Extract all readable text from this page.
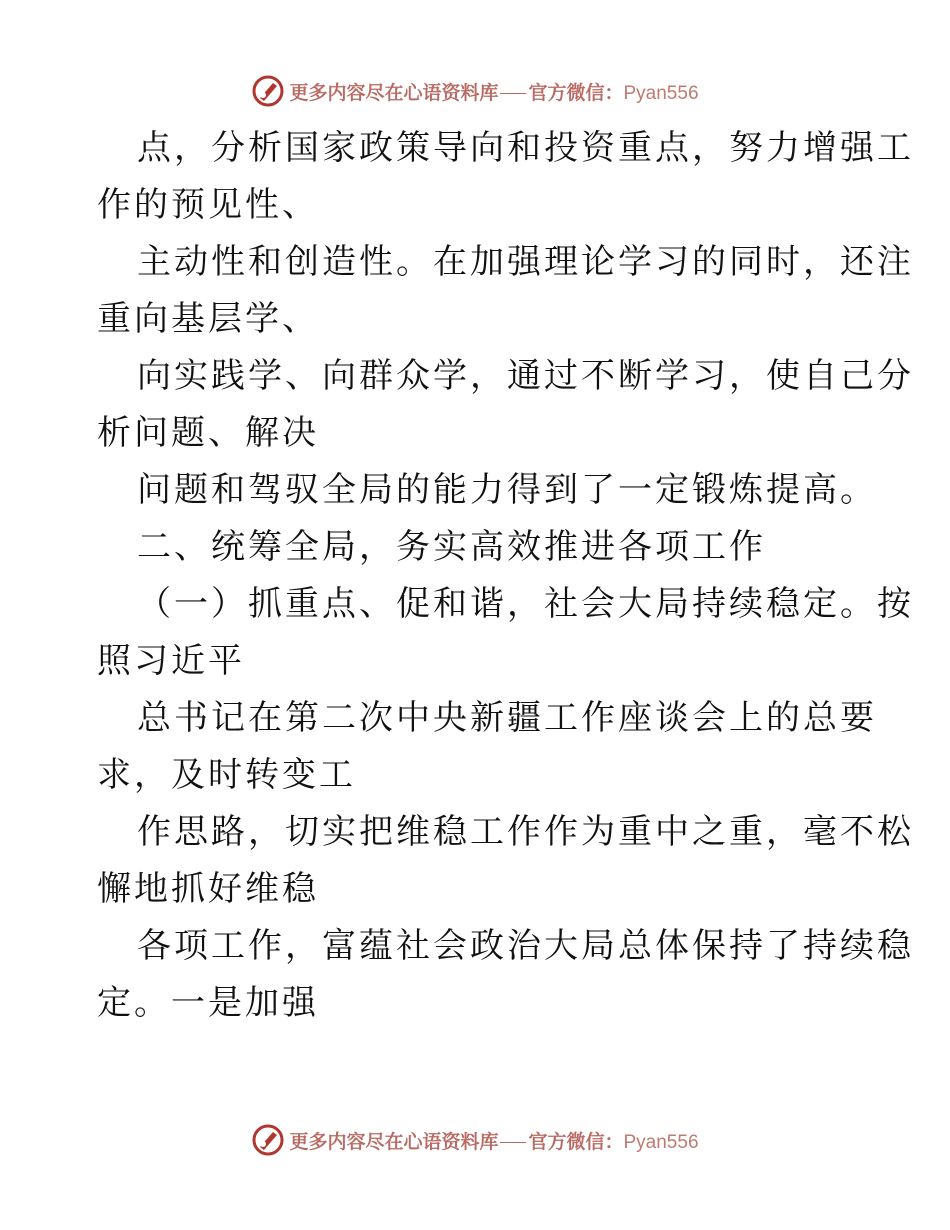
更多内容尽在心语资料库 官方微信：Pyan556
点，分析国家政策导向和投资重点，努力增强工
作的预见性、
主动性和创造性。在加强理论学习的同时，还注
重向基层学、
向实践学、向群众学，通过不断学习，使自己分
析问题、解决
问题和驾驭全局的能力得到了一定锻炼提高。
二、统筹全局，务实高效推进各项工作
（一）抓重点、促和谐，社会大局持续稳定。按
照习近平
总书记在第二次中央新疆工作座谈会上的总要
求，及时转变工
作思路，切实把维稳工作作为重中之重，毫不松
懈地抓好维稳
各项工作，富蕴社会政治大局总体保持了持续稳
定。一是加强
更多内容尽在心语资料库 官方微信：Pyan556
